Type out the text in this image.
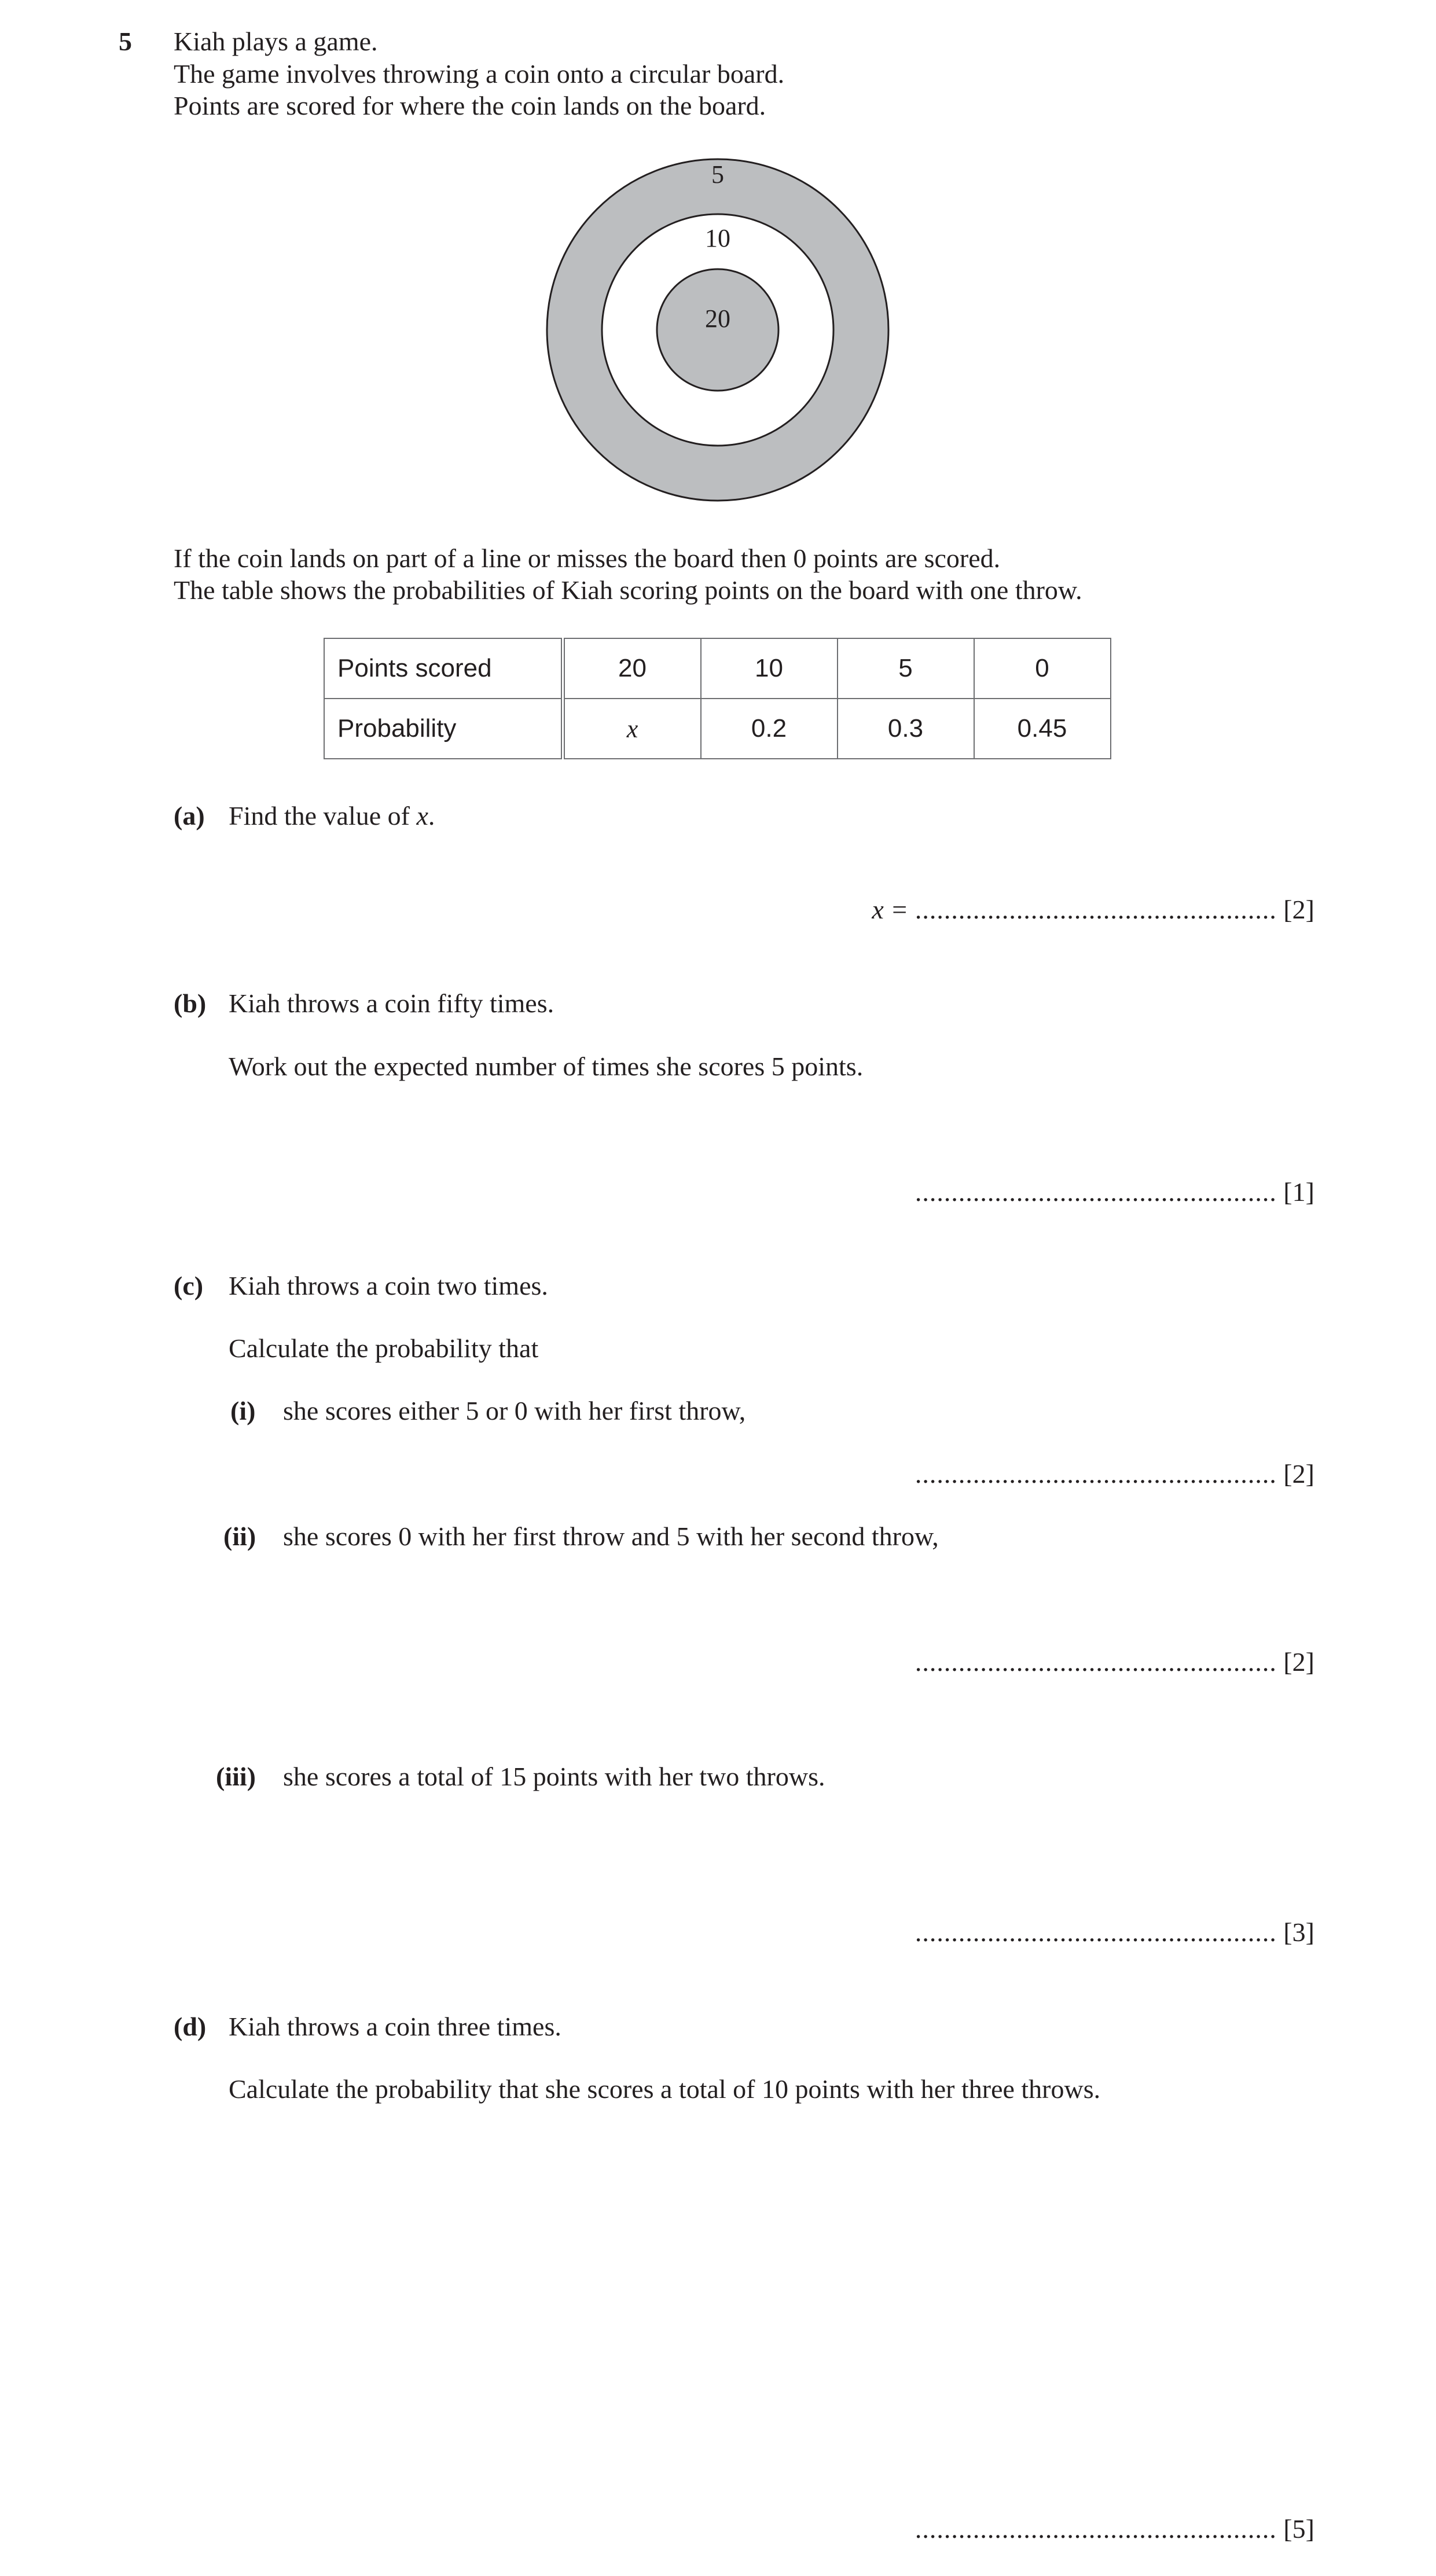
5 Kiah plays a game.
The game involves throwing a coin onto a circular board.
Points are scored for where the coin lands on the board.
5
10
20
If the coin lands on part of a line or misses the board then 0 points are scored.
The table shows the probabilities of Kiah scoring points on the board with one throw.
Points scored	20	10	5	0
Probability	x	0.2	0.3	0.45
(a) Find the value of x.
x = .................................................. [2]
(b) Kiah throws a coin fifty times.
Work out the expected number of times she scores 5 points.
.................................................. [1]
(c) Kiah throws a coin two times.
Calculate the probability that
(i) she scores either 5 or 0 with her first throw,
.................................................. [2]
(ii) she scores 0 with her first throw and 5 with her second throw,
.................................................. [2]
(iii) she scores a total of 15 points with her two throws.
.................................................. [3]
(d) Kiah throws a coin three times.
Calculate the probability that she scores a total of 10 points with her three throws.
.................................................. [5]
